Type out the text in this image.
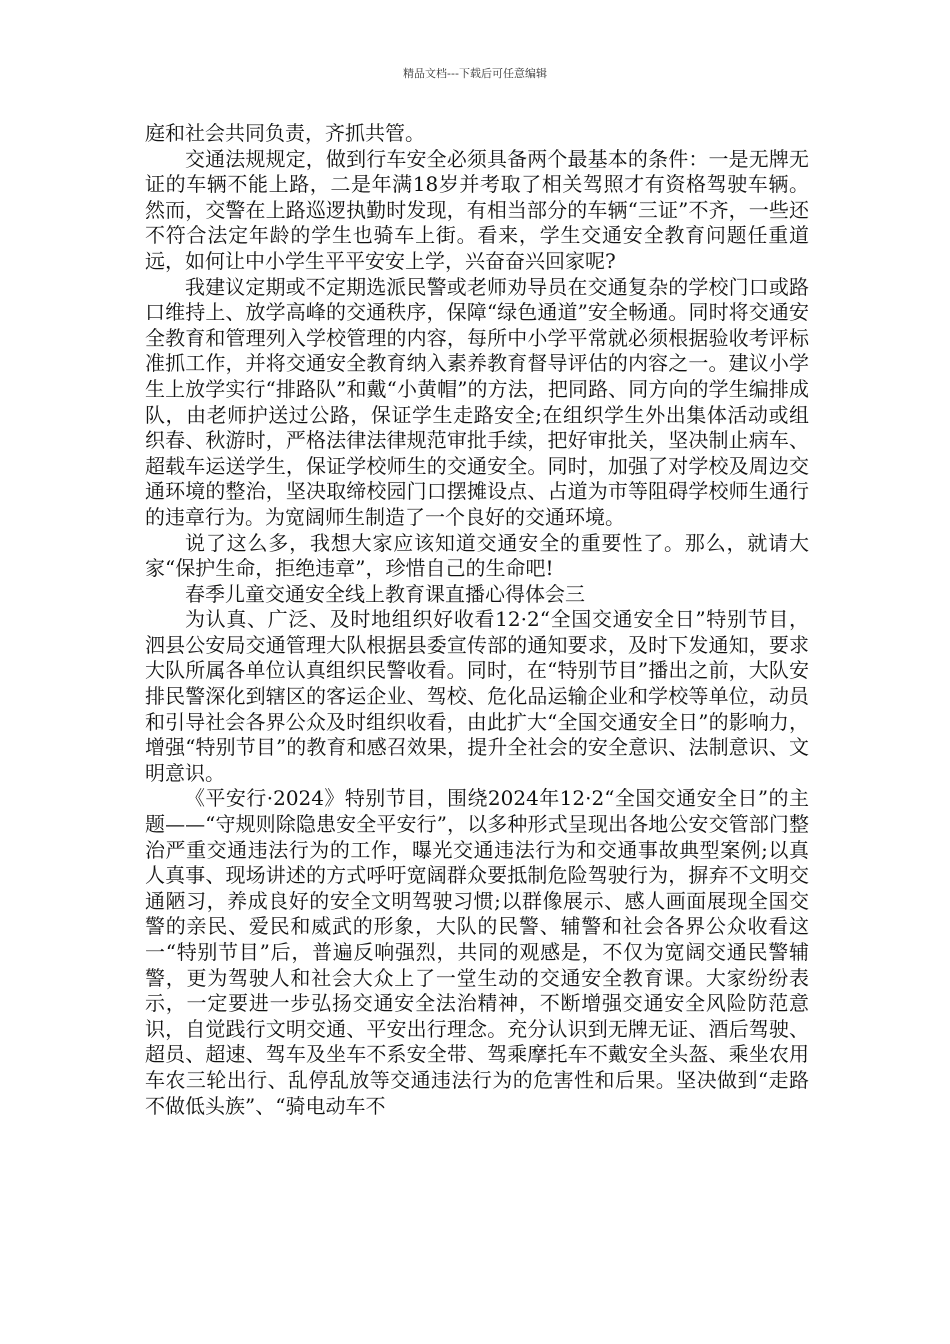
精品文档---下载后可任意编辑

庭和社会共同负责，齐抓共管。

交通法规规定，做到行车安全必须具备两个最基本的条件：一是无牌无证的车辆不能上路，二是年满18岁并考取了相关驾照才有资格驾驶车辆。然而，交警在上路巡逻执勤时发现，有相当部分的车辆“三证”不齐，一些还不符合法定年龄的学生也骑车上街。看来，学生交通安全教育问题任重道远，如何让中小学生平平安安上学，兴奋奋兴回家呢?

我建议定期或不定期选派民警或老师劝导员在交通复杂的学校门口或路口维持上、放学高峰的交通秩序，保障“绿色通道”安全畅通。同时将交通安全教育和管理列入学校管理的内容，每所中小学平常就必须根据验收考评标准抓工作，并将交通安全教育纳入素养教育督导评估的内容之一。建议小学生上放学实行“排路队”和戴“小黄帽”的方法，把同路、同方向的学生编排成队，由老师护送过公路，保证学生走路安全;在组织学生外出集体活动或组织春、秋游时，严格法律法律规范审批手续，把好审批关，坚决制止病车、超载车运送学生，保证学校师生的交通安全。同时，加强了对学校及周边交通环境的整治，坚决取缔校园门口摆摊设点、占道为市等阻碍学校师生通行的违章行为。为宽阔师生制造了一个良好的交通环境。

说了这么多，我想大家应该知道交通安全的重要性了。那么，就请大家“保护生命，拒绝违章”，珍惜自己的生命吧!

春季儿童交通安全线上教育课直播心得体会三

为认真、广泛、及时地组织好收看12·2“全国交通安全日”特别节目，泗县公安局交通管理大队根据县委宣传部的通知要求，及时下发通知，要求大队所属各单位认真组织民警收看。同时，在“特别节目”播出之前，大队安排民警深化到辖区的客运企业、驾校、危化品运输企业和学校等单位，动员和引导社会各界公众及时组织收看，由此扩大“全国交通安全日”的影响力，增强“特别节目”的教育和感召效果，提升全社会的安全意识、法制意识、文明意识。

《平安行·2024》特别节目，围绕2024年12·2“全国交通安全日”的主题——“守规则除隐患安全平安行”，以多种形式呈现出各地公安交管部门整治严重交通违法行为的工作，曝光交通违法行为和交通事故典型案例;以真人真事、现场讲述的方式呼吁宽阔群众要抵制危险驾驶行为，摒弃不文明交通陋习，养成良好的安全文明驾驶习惯;以群像展示、感人画面展现全国交警的亲民、爱民和威武的形象，大队的民警、辅警和社会各界公众收看这一“特别节目”后，普遍反响强烈，共同的观感是，不仅为宽阔交通民警辅警，更为驾驶人和社会大众上了一堂生动的交通安全教育课。大家纷纷表示，一定要进一步弘扬交通安全法治精神，不断增强交通安全风险防范意识，自觉践行文明交通、平安出行理念。充分认识到无牌无证、酒后驾驶、超员、超速、驾车及坐车不系安全带、驾乘摩托车不戴安全头盔、乘坐农用车农三轮出行、乱停乱放等交通违法行为的危害性和后果。坚决做到“走路不做低头族”、“骑电动车不
